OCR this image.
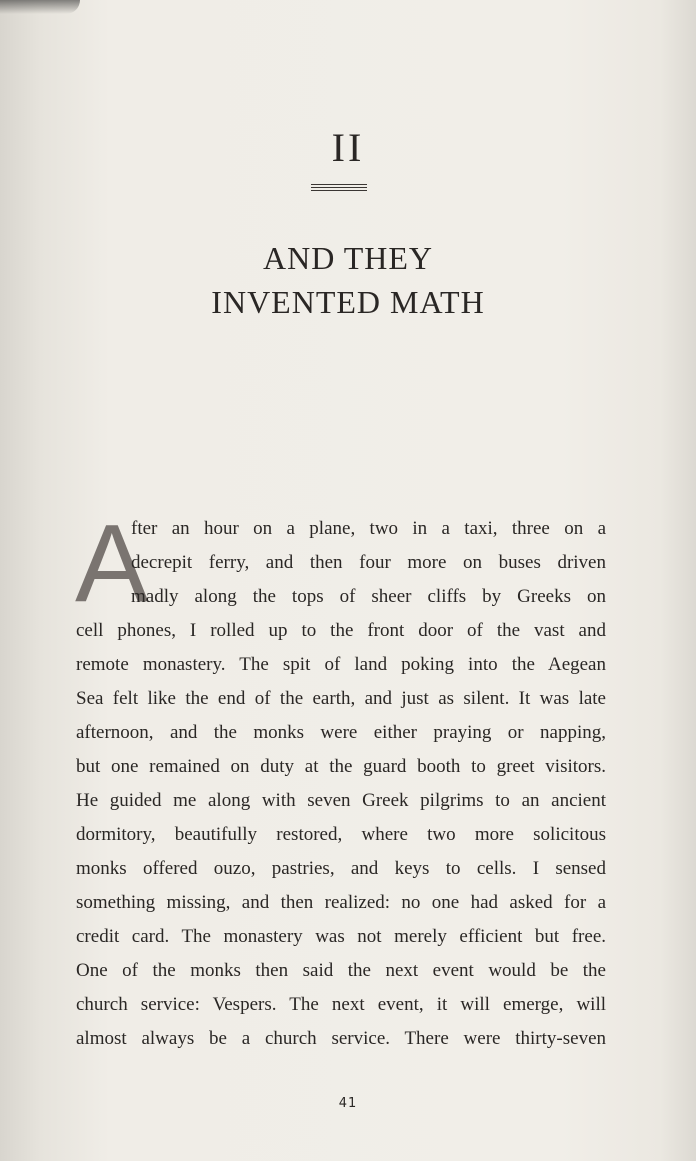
II
AND THEY
INVENTED MATH
A
fter an hour on a plane, two in a taxi, three on a
decrepit ferry, and then four more on buses driven
madly along the tops of sheer cliffs by Greeks on
cell phones, I rolled up to the front door of the vast and
remote monastery. The spit of land poking into the Aegean
Sea felt like the end of the earth, and just as silent. It was late
afternoon, and the monks were either praying or napping,
but one remained on duty at the guard booth to greet visitors.
He guided me along with seven Greek pilgrims to an ancient
dormitory, beautifully restored, where two more solicitous
monks offered ouzo, pastries, and keys to cells. I sensed
something missing, and then realized: no one had asked for a
credit card. The monastery was not merely efficient but free.
One of the monks then said the next event would be the
church service: Vespers. The next event, it will emerge, will
almost always be a church service. There were thirty-seven
41
